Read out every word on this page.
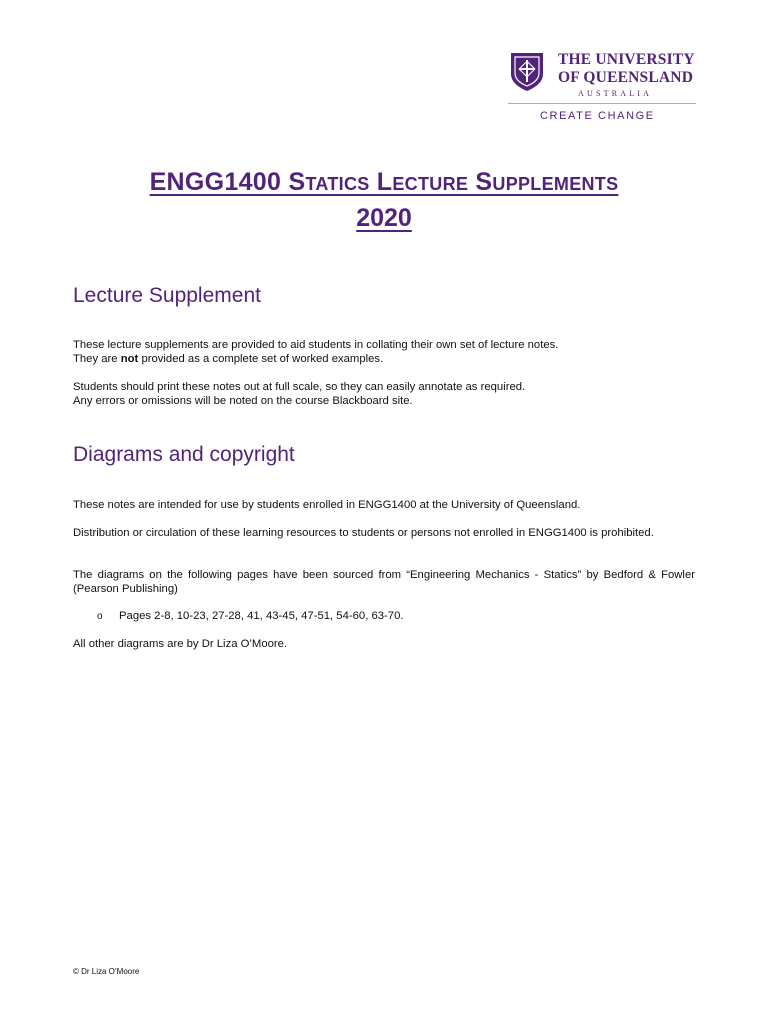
THE UNIVERSITY
OF QUEENSLAND
AUSTRALIA
CREATE CHANGE
ENGG1400 Statics Lecture Supplements
2020
Lecture Supplement

These lecture supplements are provided to aid students in collating their own set of lecture notes.
They are not provided as a complete set of worked examples.

Students should print these notes out at full scale, so they can easily annotate as required.
Any errors or omissions will be noted on the course Blackboard site.

Diagrams and copyright

These notes are intended for use by students enrolled in ENGG1400 at the University of Queensland.

Distribution or circulation of these learning resources to students or persons not enrolled in ENGG1400 is prohibited.

The diagrams on the following pages have been sourced from “Engineering Mechanics - Statics” by Bedford & Fowler (Pearson Publishing)

o Pages 2-8, 10-23, 27-28, 41, 43-45, 47-51, 54-60, 63-70.

All other diagrams are by Dr Liza O’Moore.

© Dr Liza O’Moore
